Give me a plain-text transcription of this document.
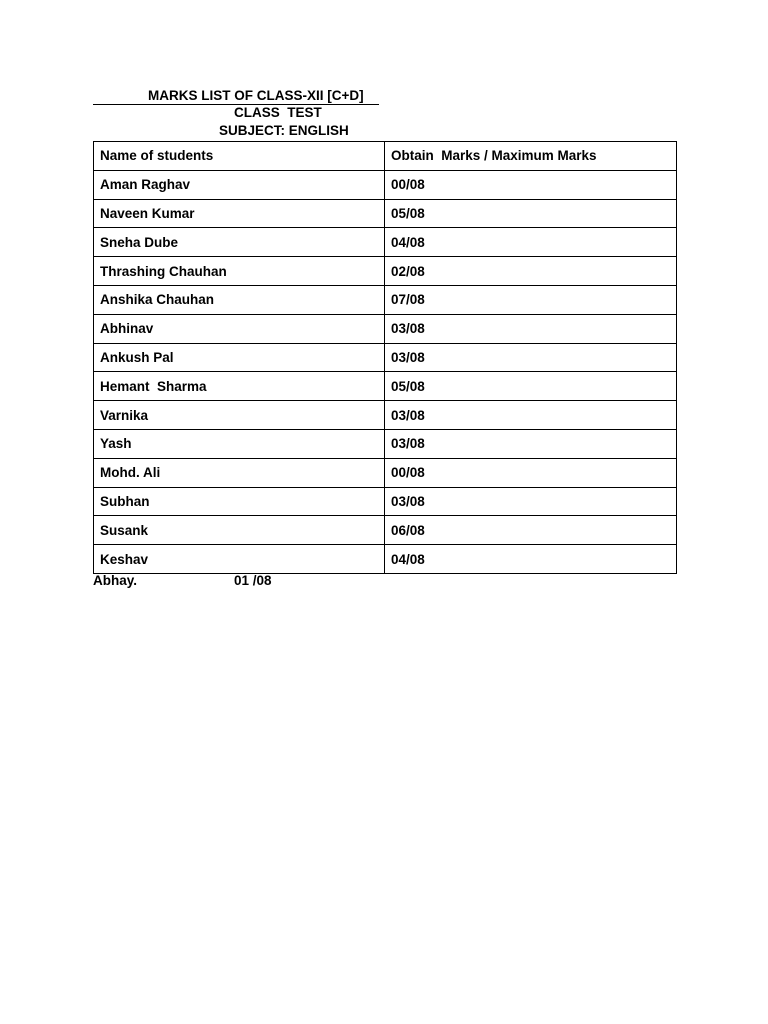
MARKS LIST OF CLASS-XII [C+D]
CLASS  TEST
SUBJECT: ENGLISH
Name of students	Obtain  Marks / Maximum Marks
Aman Raghav	00/08
Naveen Kumar	05/08
Sneha Dube	04/08
Thrashing Chauhan	02/08
Anshika Chauhan	07/08
Abhinav	03/08
Ankush Pal	03/08
Hemant  Sharma	05/08
Varnika	03/08
Yash	03/08
Mohd. Ali	00/08
Subhan	03/08
Susank	06/08
Keshav	04/08
Abhay.	01 /08
